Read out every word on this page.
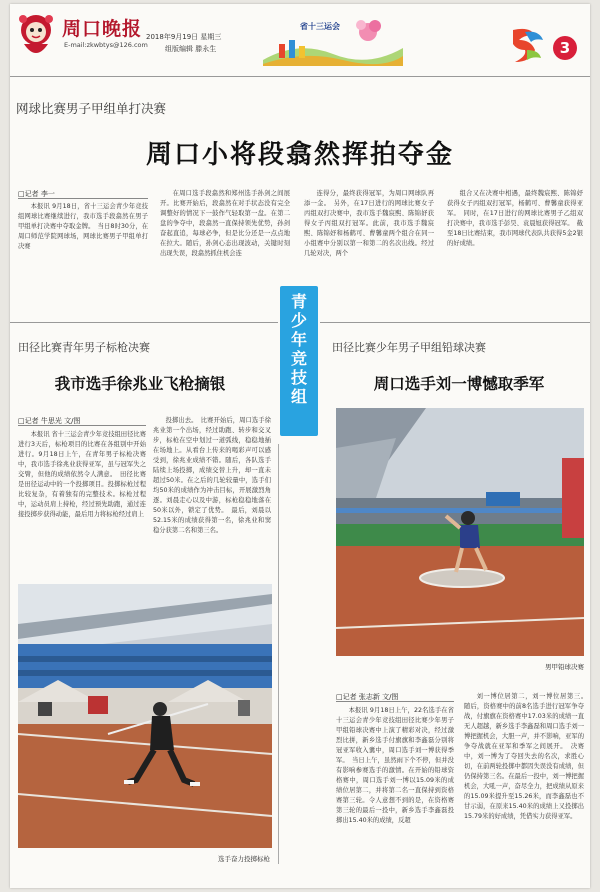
周口晚报
E-mail:zkwbtys@126.com
2018年9月19日 星期三
组版编辑 滕永生
省十三运会
3
网球比赛男子甲组单打决赛
周口小将段翕然挥拍夺金
□记者 李一

本报讯 9月18日，省十三运会青少年竞技组网球比赛继续进行，我市选手段翕然在男子甲组单打决赛中夺取金牌。　当日8时30分，在周口师范学院网球场，网球比赛男子甲组单打决赛

在周口选手段翕然和郑州选手孙剑之间展开。比赛开始后，段翕然在对手状态没有完全调整好的情况下一鼓作气轻取第一盘。在第二盘的争夺中，段翕然一直保持领先优势，孙剑奋起直追，每球必争，但是比分还是一点点地在拉大。随后，孙剑心态出现波动，关键时刻出现失误，段翕然抓住机会连

连得分，最终获得冠军，为周口网球队再添一金。　另外，在17日进行的网球比赛女子丙组双打决赛中，我市选手魏宸熙、陈锦妤获得女子丙组双打冠军。此前，我市选手魏宸熙、陈锦妤和杨鹤可、曹馨童两个组合在同一小组赛中分别以第一和第二的名次出线。经过几轮对决，两个

组合又在决赛中相遇，最终魏宸熙、陈锦妤获得女子丙组双打冠军，杨鹤可、曹馨童获得亚军。　同时，在17日进行的网球比赛男子乙组双打决赛中，我市选手彭昊、袁晨旭获得冠军。　截至18日比赛结束，我市网球代表队共获得5金2银的好成绩。

青
少
年
竞
技
组
田径比赛青年男子标枪决赛
我市选手徐兆业飞枪摘银
□记者 牛思光 文/图

本报讯 省十三运会青少年竞技组田径比赛进行3天后，标枪项目的比赛在各组别中开始进行。9月18日上午，在青年男子标枪决赛中，我市选手徐兆业获得亚军，虽与冠军失之交臂，但他的成绩依然令人满意。　田径比赛是田径运动中的一个投掷项目。投掷标枪过程比较复杂，有着独有的完整技术。标枪过程中，运动员肩上持枪，经过预先助跑，通过连接投掷步获得动能，最后用力将标枪经过肩上

投掷出去。　比赛开始后，周口选手徐兆业第一个出场，经过助跑、转步和交叉步，标枪在空中划过一道弧线，稳稳地插在场地上。从看台上传来的喝彩声可以感受到，徐兆业成绩不错。随后，各队选手陆续上场投掷，成绩交替上升，却一直未超过50米。在之后的几轮较量中，选手们均50米的成绩作为冲击目标，开展激烈角逐。刘晨走心以及中游，标枪稳稳地落在50米以外，锁定了优势。　最后，刘晨以52.15米的成绩获得第一名，徐兆业和窦稳分获第二名和第三名。

选手奋力投掷标枪
田径比赛少年男子甲组铅球决赛
周口选手刘一博憾取季军
男甲铅球决赛
□记者 张志新 文/图

本报讯 9月18日上午，22名选手在省十三运会青少年竞技组田径比赛少年男子甲组铅球决赛中上演了精彩对决，经过激烈比拼，新乡选手付旗旗和李鑫磊分别将冠亚军收入囊中，周口选手刘一博获得季军。　当日上午，虽然雨下个不停，但并没有影响参赛选手的激情。在开始的铅球资格赛中，周口选手刘一博以15.09米的成绩位居第二，并将第二名一直保持到资格赛第三轮。令人意想不到的是，在资格赛第三轮的最后一投中，新乡选手李鑫磊投掷出15.40米的成绩，反超

刘一博位居第二，刘一博位居第三。　随后，资格赛中的前8名选手进行冠军争夺战，付旗旗在资格赛中17.03米的成绩一直无人超越，新乡选手李鑫磊和周口选手刘一博把握机会，大胆一声，并不影响，亚军的争夺战就在亚军和季军之间展开。　决赛中，刘一博为了夺回失去的名次，求胜心切，在前两轮投掷中都因失误没有成绩，但仍保持第三名。在最后一投中，刘一博把握机会，大吼一声，奋尽全力，把成绩从原来的15.09米提升至15.26米，而李鑫磊也不甘示弱，在原来15.40米的成绩上又投掷出15.79米的好成绩，凭借实力获得亚军。
